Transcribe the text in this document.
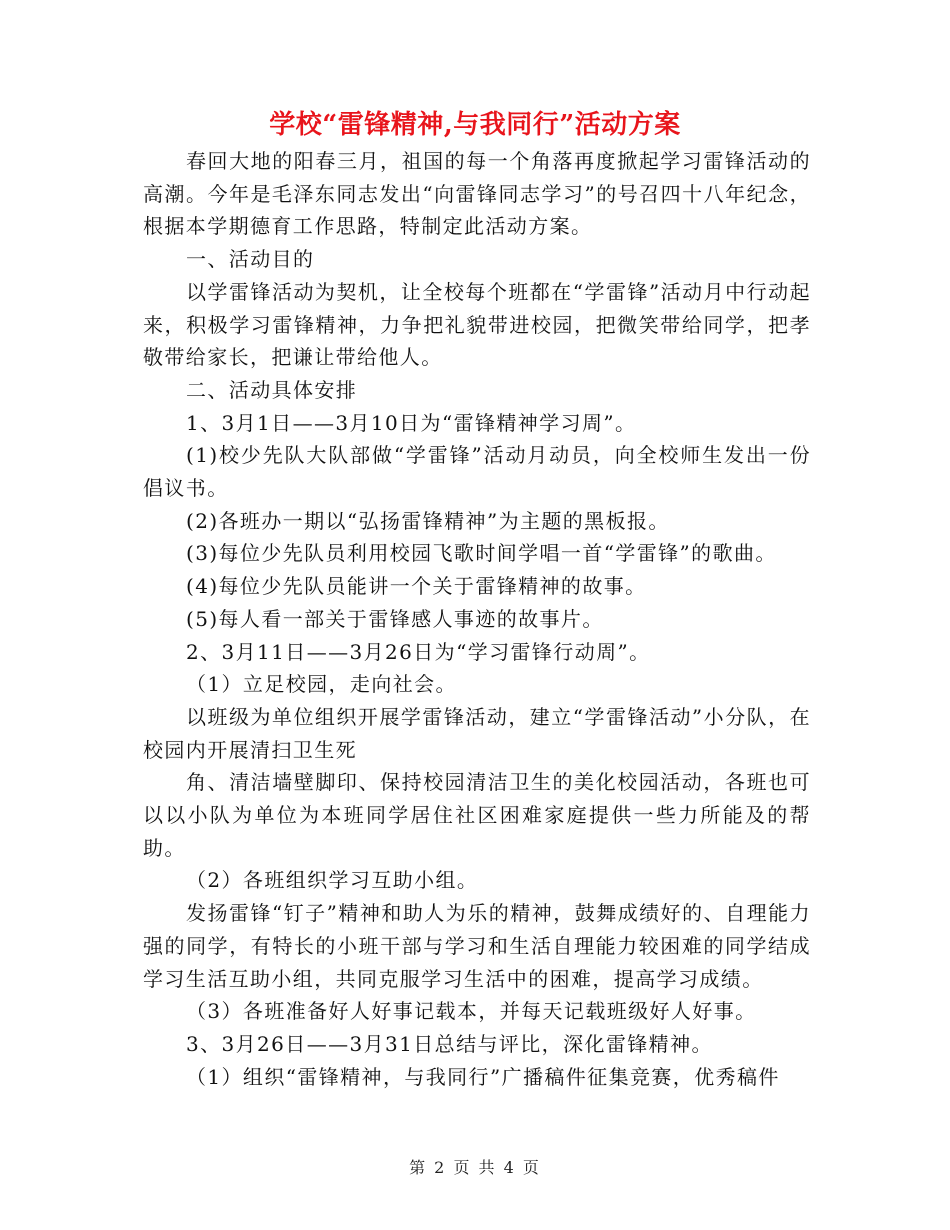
学校“雷锋精神,与我同行”活动方案

春回大地的阳春三月，祖国的每一个角落再度掀起学习雷锋活动的高潮。今年是毛泽东同志发出“向雷锋同志学习”的号召四十八年纪念，根据本学期德育工作思路，特制定此活动方案。

一、活动目的

以学雷锋活动为契机，让全校每个班都在“学雷锋”活动月中行动起来，积极学习雷锋精神，力争把礼貌带进校园，把微笑带给同学，把孝敬带给家长，把谦让带给他人。

二、活动具体安排

1、3月1日——3月10日为“雷锋精神学习周”。

(1)校少先队大队部做“学雷锋”活动月动员，向全校师生发出一份倡议书。

(2)各班办一期以“弘扬雷锋精神”为主题的黑板报。

(3)每位少先队员利用校园飞歌时间学唱一首“学雷锋”的歌曲。

(4)每位少先队员能讲一个关于雷锋精神的故事。

(5)每人看一部关于雷锋感人事迹的故事片。

2、3月11日——3月26日为“学习雷锋行动周”。

（1）立足校园，走向社会。

以班级为单位组织开展学雷锋活动，建立“学雷锋活动”小分队，在校园内开展清扫卫生死

角、清洁墙壁脚印、保持校园清洁卫生的美化校园活动，各班也可以以小队为单位为本班同学居住社区困难家庭提供一些力所能及的帮助。

（2）各班组织学习互助小组。

发扬雷锋“钉子”精神和助人为乐的精神，鼓舞成绩好的、自理能力强的同学，有特长的小班干部与学习和生活自理能力较困难的同学结成学习生活互助小组，共同克服学习生活中的困难，提高学习成绩。

（3）各班准备好人好事记载本，并每天记载班级好人好事。

3、3月26日——3月31日总结与评比，深化雷锋精神。

（1）组织“雷锋精神，与我同行”广播稿件征集竞赛，优秀稿件

第 2 页 共 4 页
